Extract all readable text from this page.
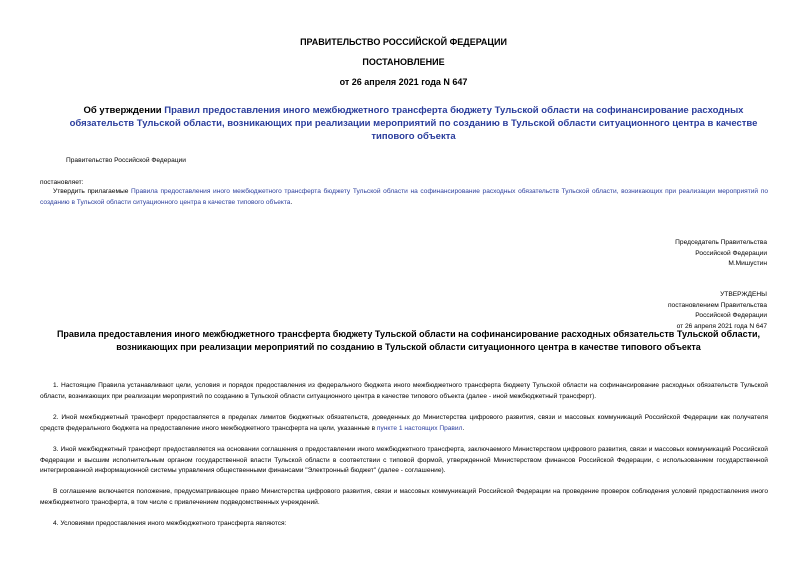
ПРАВИТЕЛЬСТВО РОССИЙСКОЙ ФЕДЕРАЦИИ
ПОСТАНОВЛЕНИЕ
от 26 апреля 2021 года N 647
Об утверждении Правил предоставления иного межбюджетного трансферта бюджету Тульской области на софинансирование расходных обязательств Тульской области, возникающих при реализации мероприятий по созданию в Тульской области ситуационного центра в качестве типового объекта
Правительство Российской Федерации
постановляет:
Утвердить прилагаемые Правила предоставления иного межбюджетного трансферта бюджету Тульской области на софинансирование расходных обязательств Тульской области, возникающих при реализации мероприятий по созданию в Тульской области ситуационного центра в качестве типового объекта.
Председатель Правительства
Российской Федерации
М.Мишустин
УТВЕРЖДЕНЫ
постановлением Правительства
Российской Федерации
от 26 апреля 2021 года N 647
Правила предоставления иного межбюджетного трансферта бюджету Тульской области на софинансирование расходных обязательств Тульской области, возникающих при реализации мероприятий по созданию в Тульской области ситуационного центра в качестве типового объекта
1. Настоящие Правила устанавливают цели, условия и порядок предоставления из федерального бюджета иного межбюджетного трансферта бюджету Тульской области на софинансирование расходных обязательств Тульской области, возникающих при реализации мероприятий по созданию в Тульской области ситуационного центра в качестве типового объекта (далее - иной межбюджетный трансферт).
2. Иной межбюджетный трансферт предоставляется в пределах лимитов бюджетных обязательств, доведенных до Министерства цифрового развития, связи и массовых коммуникаций Российской Федерации как получателя средств федерального бюджета на предоставление иного межбюджетного трансферта на цели, указанные в пункте 1 настоящих Правил.
3. Иной межбюджетный трансферт предоставляется на основании соглашения о предоставлении иного межбюджетного трансферта, заключаемого Министерством цифрового развития, связи и массовых коммуникаций Российской Федерации и высшим исполнительным органом государственной власти Тульской области в соответствии с типовой формой, утвержденной Министерством финансов Российской Федерации, с использованием государственной интегрированной информационной системы управления общественными финансами "Электронный бюджет" (далее - соглашение).
В соглашение включается положение, предусматривающее право Министерства цифрового развития, связи и массовых коммуникаций Российской Федерации на проведение проверок соблюдения условий предоставления иного межбюджетного трансферта, в том числе с привлечением подведомственных учреждений.
4. Условиями предоставления иного межбюджетного трансферта являются:
